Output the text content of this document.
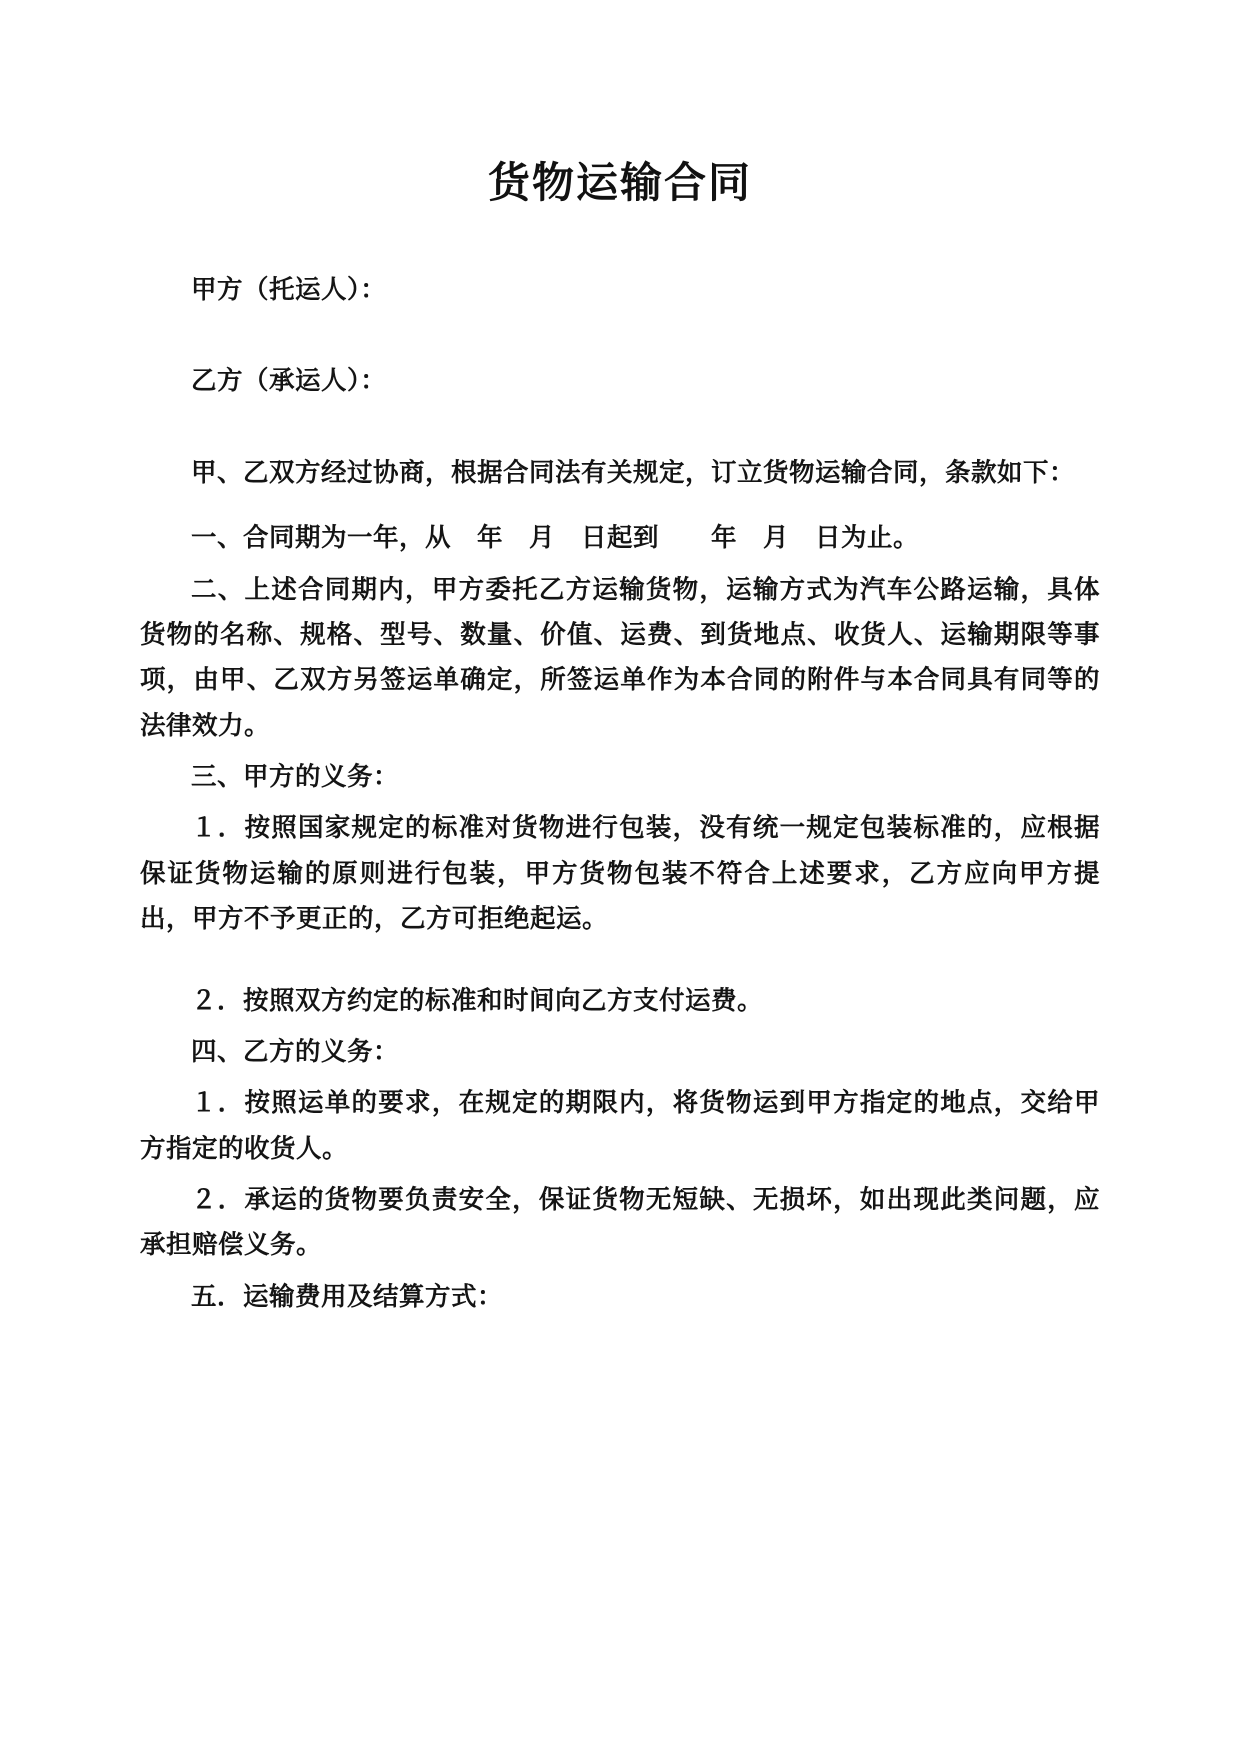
货物运输合同

甲方（托运人）：

乙方（承运人）：

甲、乙双方经过协商，根据合同法有关规定，订立货物运输合同，条款如下：

一、合同期为一年，从　年　月　日起到　　年　月　日为止。

二、上述合同期内，甲方委托乙方运输货物，运输方式为汽车公路运输，具体货物的名称、规格、型号、数量、价值、运费、到货地点、收货人、运输期限等事项，由甲、乙双方另签运单确定，所签运单作为本合同的附件与本合同具有同等的法律效力。

三、甲方的义务：

１．按照国家规定的标准对货物进行包装，没有统一规定包装标准的，应根据保证货物运输的原则进行包装，甲方货物包装不符合上述要求，乙方应向甲方提出，甲方不予更正的，乙方可拒绝起运。

２．按照双方约定的标准和时间向乙方支付运费。

四、乙方的义务：

１．按照运单的要求，在规定的期限内，将货物运到甲方指定的地点，交给甲方指定的收货人。

２．承运的货物要负责安全，保证货物无短缺、无损坏，如出现此类问题，应承担赔偿义务。

五．运输费用及结算方式：
